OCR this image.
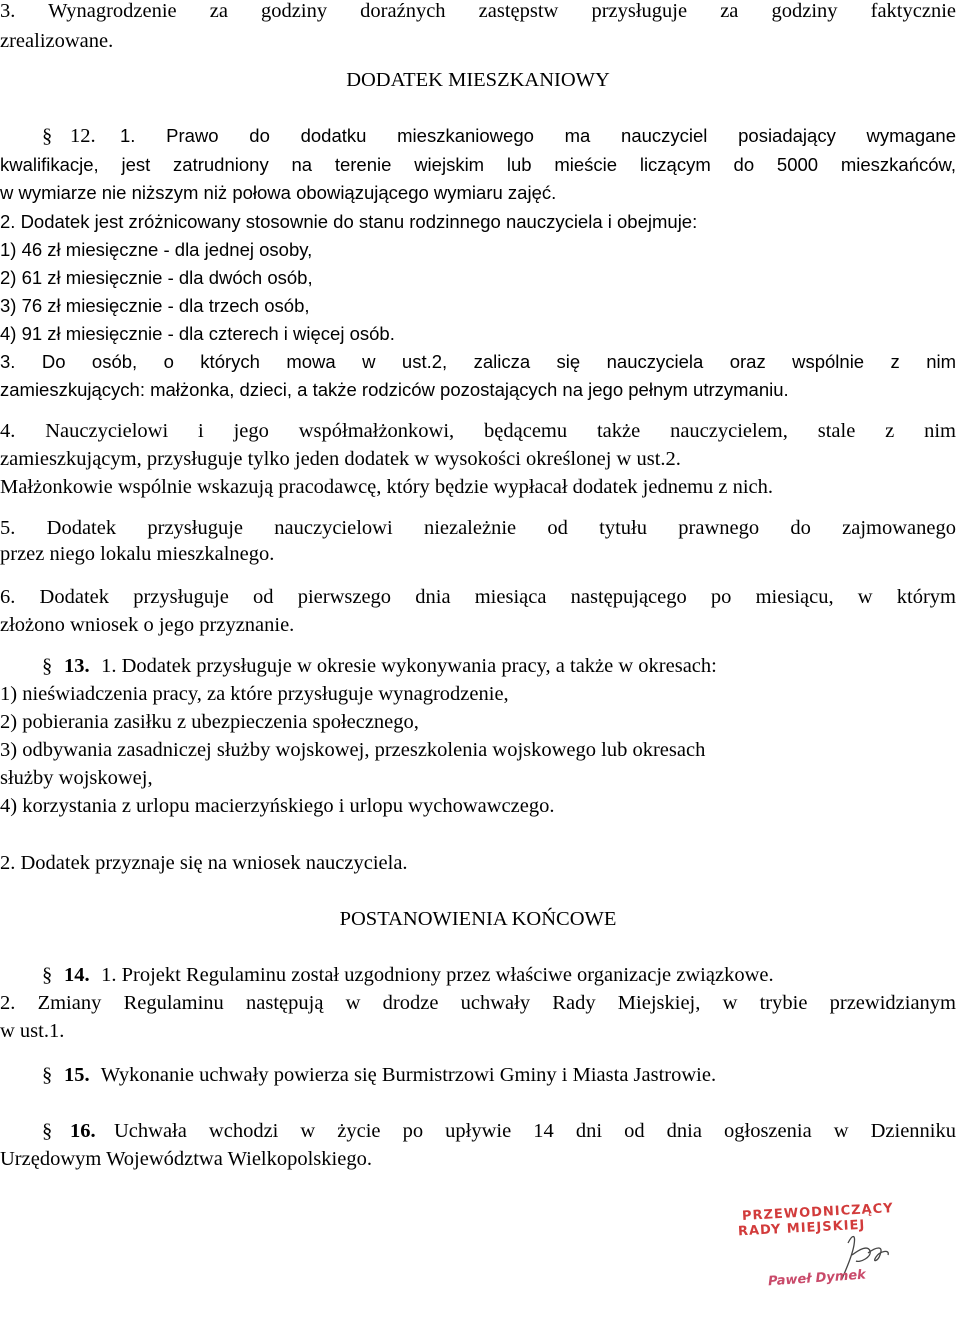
3. Wynagrodzenie za godziny doraźnych zastępstw przysługuje za godziny faktycznie
zrealizowane.
DODATEK MIESZKANIOWY
§ 12.	1. Prawo do dodatku mieszkaniowego ma nauczyciel posiadający wymagane
kwalifikacje, jest zatrudniony na terenie wiejskim lub mieście liczącym do 5000 mieszkańców,
w wymiarze nie niższym niż połowa obowiązującego wymiaru zajęć.
2. Dodatek jest zróżnicowany stosownie do stanu rodzinnego nauczyciela i obejmuje:
1) 46 zł miesięczne - dla jednej osoby,
2) 61 zł miesięcznie - dla dwóch osób,
3) 76 zł miesięcznie - dla trzech osób,
4) 91 zł miesięcznie - dla czterech i więcej osób.
3. Do osób, o których mowa w ust.2, zalicza się nauczyciela oraz wspólnie z nim
zamieszkujących: małżonka, dzieci, a także rodziców pozostających na jego pełnym utrzymaniu.
4. Nauczycielowi i jego współmałżonkowi, będącemu także nauczycielem, stale z nim
zamieszkującym, przysługuje tylko jeden dodatek w wysokości określonej w ust.2.
Małżonkowie wspólnie wskazują pracodawcę, który będzie wypłacał dodatek jednemu z nich.
5. Dodatek przysługuje nauczycielowi niezależnie od tytułu prawnego do zajmowanego
przez niego lokalu mieszkalnego.
6. Dodatek przysługuje od pierwszego dnia miesiąca następującego po miesiącu, w którym
złożono wniosek o jego przyznanie.
§ 13. 1. Dodatek przysługuje w okresie wykonywania pracy, a także w okresach:
1) nieświadczenia pracy, za które przysługuje wynagrodzenie,
2) pobierania zasiłku z ubezpieczenia społecznego,
3) odbywania zasadniczej służby wojskowej, przeszkolenia wojskowego lub okresach
służby wojskowej,
4) korzystania z urlopu macierzyńskiego i urlopu wychowawczego.
2. Dodatek przyznaje się na wniosek nauczyciela.
POSTANOWIENIA KOŃCOWE
§ 14. 1. Projekt Regulaminu został uzgodniony przez właściwe organizacje związkowe.
2. Zmiany Regulaminu następują w drodze uchwały Rady Miejskiej, w trybie przewidzianym
w ust.1.
§ 15. Wykonanie uchwały powierza się Burmistrzowi Gminy i Miasta Jastrowie.
§ 16. Uchwała wchodzi w życie po upływie 14 dni od dnia ogłoszenia w Dzienniku
Urzędowym Województwa Wielkopolskiego.
PRZEWODNICZĄCY
RADY MIEJSKIEJ
Paweł Dymek
